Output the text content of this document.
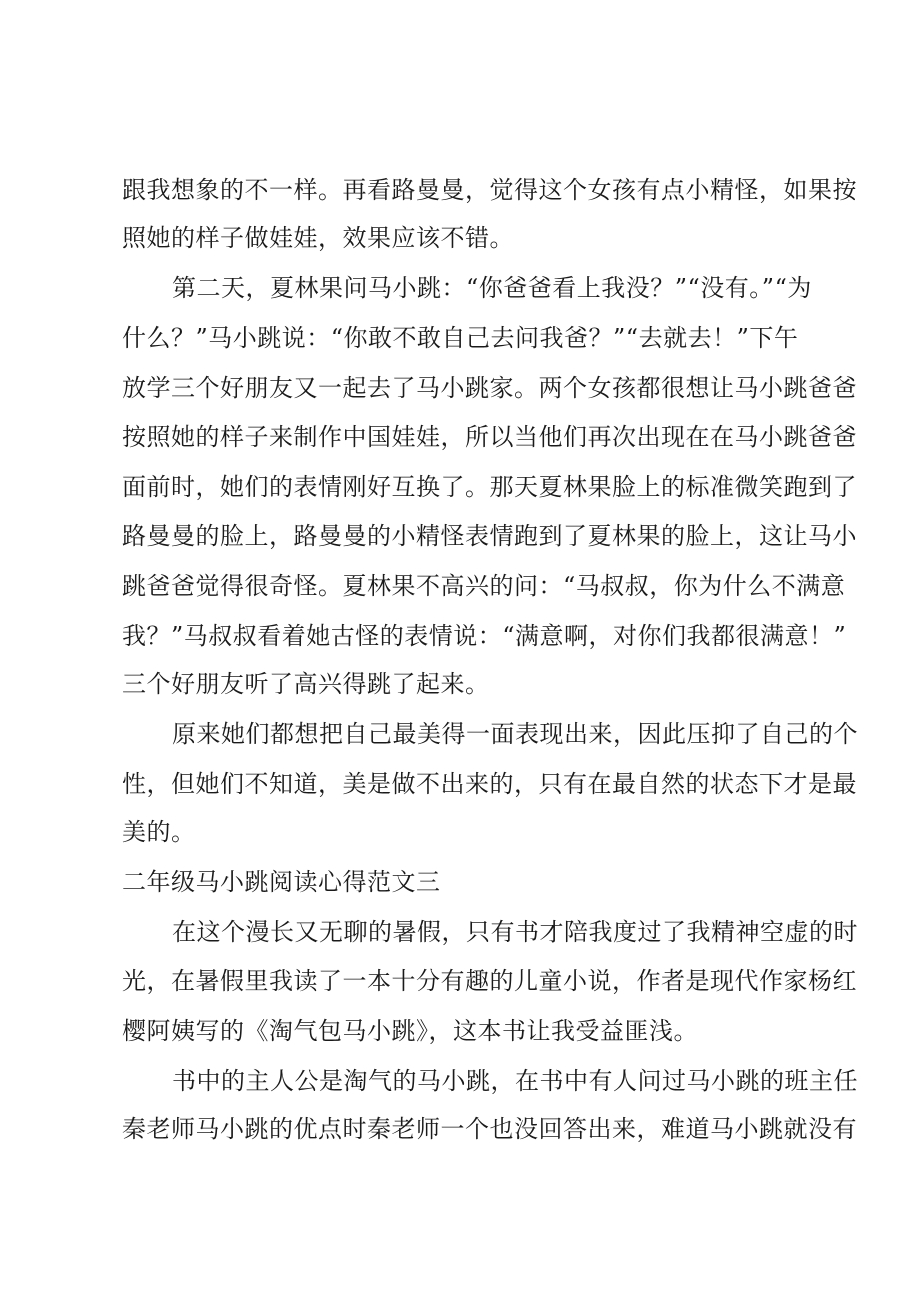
跟我想象的不一样。再看路曼曼，觉得这个女孩有点小精怪，如果按

照她的样子做娃娃，效果应该不错。

第二天，夏林果问马小跳：“你爸爸看上我没？”“没有。”“为

什么？”马小跳说：“你敢不敢自己去问我爸？”“去就去！”下午

放学三个好朋友又一起去了马小跳家。两个女孩都很想让马小跳爸爸

按照她的样子来制作中国娃娃，所以当他们再次出现在在马小跳爸爸

面前时，她们的表情刚好互换了。那天夏林果脸上的标准微笑跑到了

路曼曼的脸上，路曼曼的小精怪表情跑到了夏林果的脸上，这让马小

跳爸爸觉得很奇怪。夏林果不高兴的问：“马叔叔，你为什么不满意

我？”马叔叔看着她古怪的表情说：“满意啊，对你们我都很满意！”

三个好朋友听了高兴得跳了起来。

原来她们都想把自己最美得一面表现出来，因此压抑了自己的个

性，但她们不知道，美是做不出来的，只有在最自然的状态下才是最

美的。

二年级马小跳阅读心得范文三

在这个漫长又无聊的暑假，只有书才陪我度过了我精神空虚的时

光，在暑假里我读了一本十分有趣的儿童小说，作者是现代作家杨红

樱阿姨写的《淘气包马小跳》，这本书让我受益匪浅。

书中的主人公是淘气的马小跳，在书中有人问过马小跳的班主任

秦老师马小跳的优点时秦老师一个也没回答出来，难道马小跳就没有
